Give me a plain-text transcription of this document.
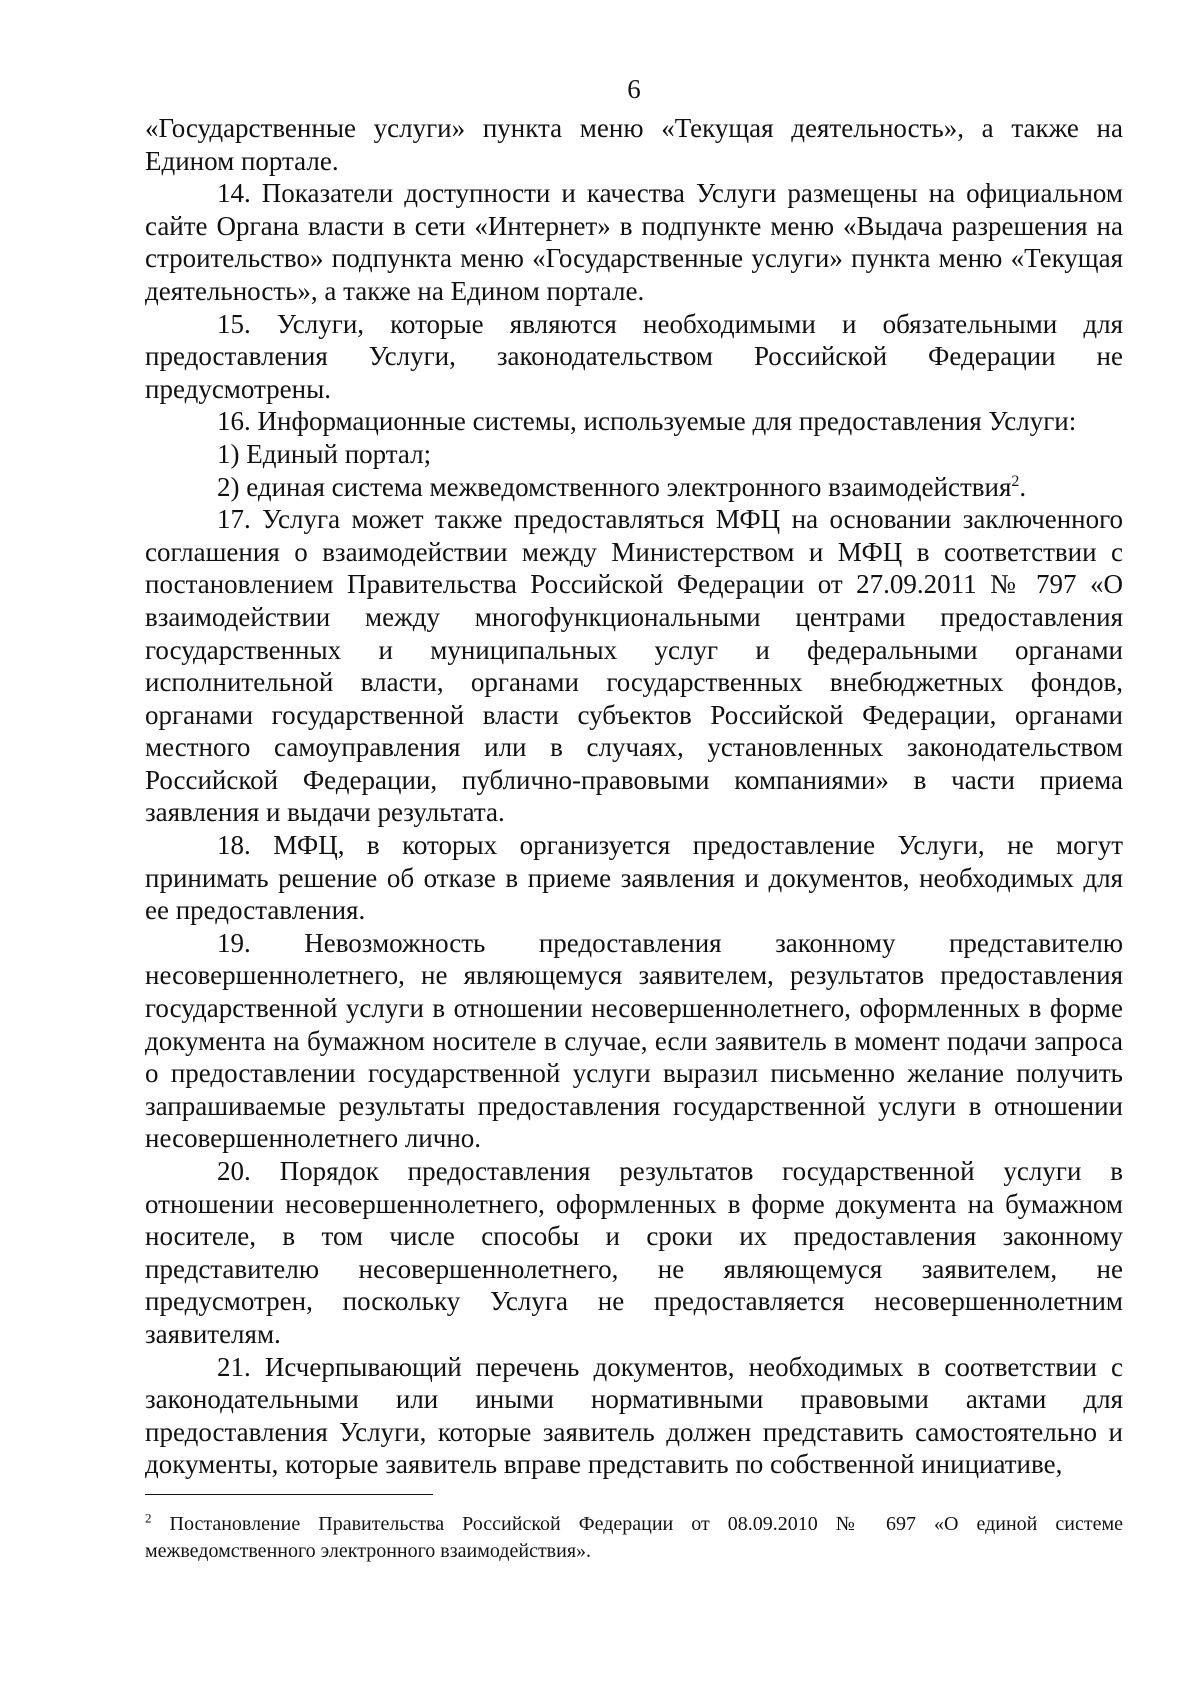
6

«Государственные услуги» пункта меню «Текущая деятельность», а также на Едином портале.

14. Показатели доступности и качества Услуги размещены на официальном сайте Органа власти в сети «Интернет» в подпункте меню «Выдача разрешения на строительство» подпункта меню «Государственные услуги» пункта меню «Текущая деятельность», а также на Едином портале.

15. Услуги, которые являются необходимыми и обязательными для предоставления Услуги, законодательством Российской Федерации не предусмотрены.

16. Информационные системы, используемые для предоставления Услуги:

1) Единый портал;

2) единая система межведомственного электронного взаимодействия$^2$.

17. Услуга может также предоставляться МФЦ на основании заключенного соглашения о взаимодействии между Министерством и МФЦ в соответствии с постановлением Правительства Российской Федерации от 27.09.2011 № 797 «О взаимодействии между многофункциональными центрами предоставления государственных и муниципальных услуг и федеральными органами исполнительной власти, органами государственных внебюджетных фондов, органами государственной власти субъектов Российской Федерации, органами местного самоуправления или в случаях, установленных законодательством Российской Федерации, публично-правовыми компаниями» в части приема заявления и выдачи результата.

18. МФЦ, в которых организуется предоставление Услуги, не могут принимать решение об отказе в приеме заявления и документов, необходимых для ее предоставления.

19. Невозможность предоставления законному представителю несовершеннолетнего, не являющемуся заявителем, результатов предоставления государственной услуги в отношении несовершеннолетнего, оформленных в форме документа на бумажном носителе в случае, если заявитель в момент подачи запроса о предоставлении государственной услуги выразил письменно желание получить запрашиваемые результаты предоставления государственной услуги в отношении несовершеннолетнего лично.

20. Порядок предоставления результатов государственной услуги в отношении несовершеннолетнего, оформленных в форме документа на бумажном носителе, в том числе способы и сроки их предоставления законному представителю несовершеннолетнего, не являющемуся заявителем, не предусмотрен, поскольку Услуга не предоставляется несовершеннолетним заявителям.

21. Исчерпывающий перечень документов, необходимых в соответствии с законодательными или иными нормативными правовыми актами для предоставления Услуги, которые заявитель должен представить самостоятельно и документы, которые заявитель вправе представить по собственной инициативе,

$^2$ Постановление Правительства Российской Федерации от 08.09.2010 № 697 «О единой системе межведомственного электронного взаимодействия».
